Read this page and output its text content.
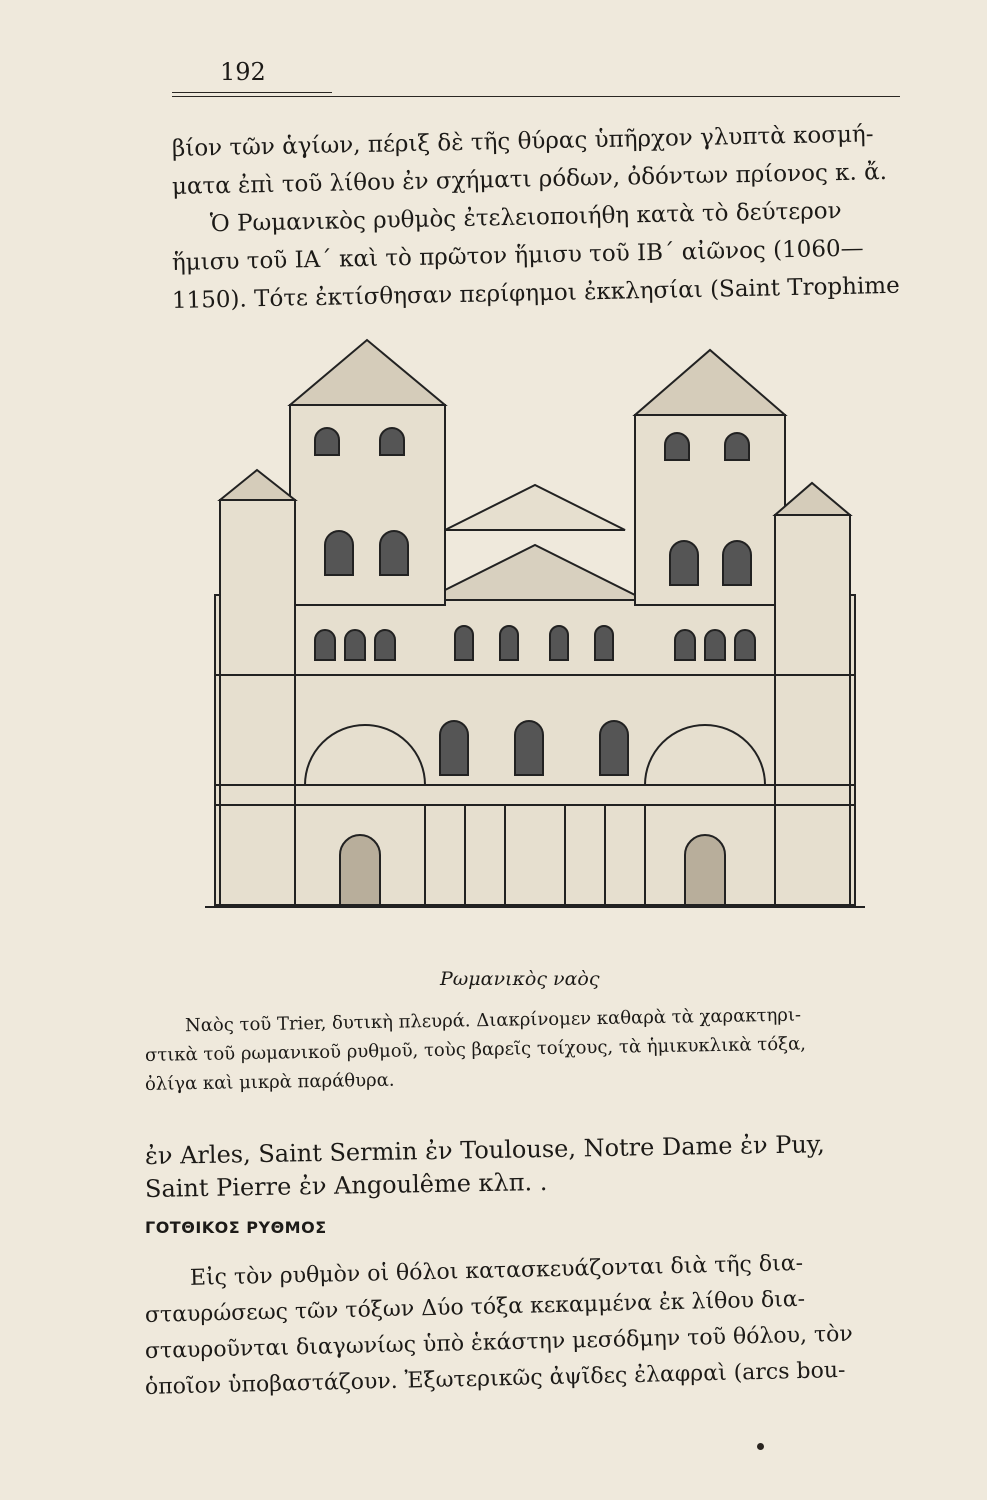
192
βίον τῶν ἁγίων, πέριξ δὲ τῆς θύρας ὑπῆρχον γλυπτὰ κοσμή-
ματα ἐπὶ τοῦ λίθου ἐν σχήματι ρόδων, ὀδόντων πρίονος κ. ἄ.
Ὁ Ρωμανικὸς ρυθμὸς ἐτελειοποιήθη κατὰ τὸ δεύτερον
ἥμισυ τοῦ ΙΑ΄ καὶ τὸ πρῶτον ἥμισυ τοῦ ΙΒ΄ αἰῶνος (1060—
1150). Τότε ἐκτίσθησαν περίφημοι ἐκκλησίαι (Saint Trophime
Ρωμανικὸς ναὸς
Ναὸς τοῦ Trier, δυτικὴ πλευρά. Διακρίνομεν καθαρὰ τὰ χαρακτηρι-
στικὰ τοῦ ρωμανικοῦ ρυθμοῦ, τοὺς βαρεῖς τοίχους, τὰ ἡμικυκλικὰ τόξα,
ὀλίγα καὶ μικρὰ παράθυρα.
ἐν Arles, Saint Sermin ἐν Toulouse, Notre Dame ἐν Puy,
Saint Pierre ἐν Angoulême κλπ. .
ΓΟΤΘΙΚΟΣ ΡΥΘΜΟΣ
Εἰς τὸν ρυθμὸν οἱ θόλοι κατασκευάζονται διὰ τῆς δια-
σταυρώσεως τῶν τόξων Δύο τόξα κεκαμμένα ἐκ λίθου δια-
σταυροῦνται διαγωνίως ὑπὸ ἑκάστην μεσόδμην τοῦ θόλου, τὸν
ὁποῖον ὑποβαστάζουν. Ἐξωτερικῶς ἀψῖδες ἐλαφραὶ (arcs bou-
